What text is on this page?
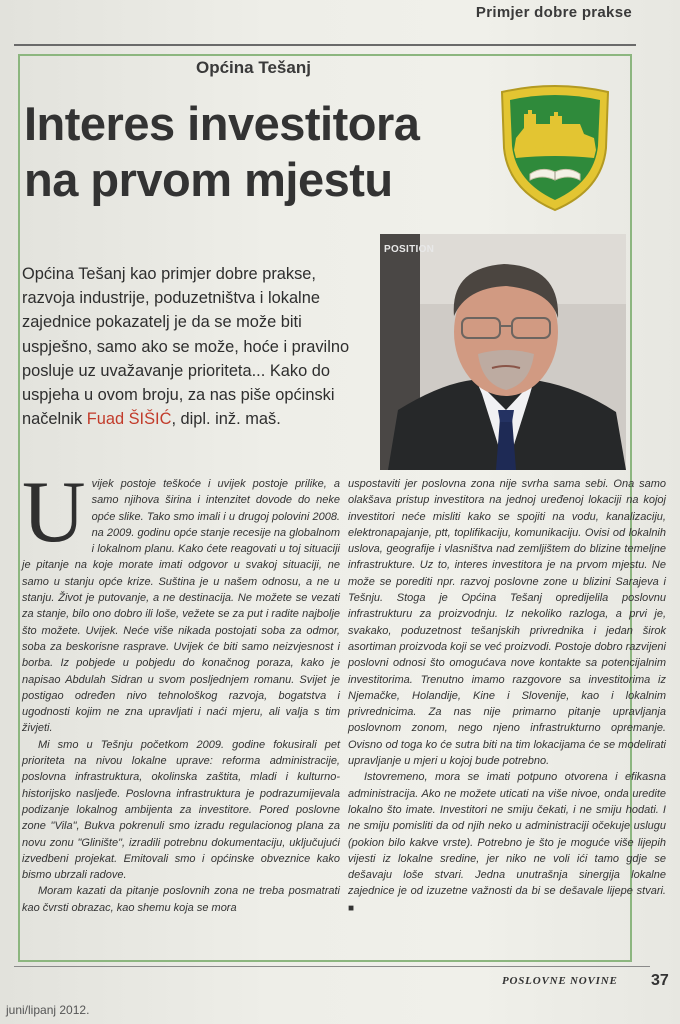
Primjer dobre prakse
Općina Tešanj
Interes investitora
na prvom mjestu
POSITION

Općina Tešanj kao primjer dobre prakse, razvoja industrije, poduzetništva i lokalne zajednice pokazatelj je da se može biti uspješno, samo ako se može, hoće i pravilno posluje uz uvažavanje prioriteta... Kako do uspjeha u ovom broju, za nas piše općinski načelnik Fuad ŠIŠIĆ, dipl. inž. maš.

Uvijek postoje teškoće i uvijek postoje prilike, a samo njihova širina i intenzitet dovode do neke opće slike. Tako smo imali i u drugoj polovini 2008. na 2009. godinu opće stanje recesije na globalnom i lokalnom planu. Kako ćete reagovati u toj situaciji je pitanje na koje morate imati odgovor u svakoj situaciji, ne samo u stanju opće krize. Suština je u našem odnosu, a ne u stanju. Život je putovanje, a ne destinacija. Ne možete se vezati za stanje, bilo ono dobro ili loše, vežete se za put i radite najbolje što možete. Uvijek. Neće više nikada postojati soba za odmor, soba za beskorisne rasprave. Uvijek će biti samo neizvjesnost i borba. Iz pobjede u pobjedu do konačnog poraza, kako je napisao Abdulah Sidran u svom posljednjem romanu. Svijet je postigao određen nivo tehnološkog razvoja, bogatstva i ugodnosti kojim ne zna upravljati i naći mjeru, ali valja s tim živjeti.

Mi smo u Tešnju početkom 2009. godine fokusirali pet prioriteta na nivou lokalne uprave: reforma administracije, poslovna infrastruktura, okolinska zaštita, mladi i kulturno-historijsko nasljeđe. Poslovna infrastruktura je podrazumijevala podizanje lokalnog ambijenta za investitore. Pored poslovne zone "Vila", Bukva pokrenuli smo izradu regulacionog plana za novu zonu "Glinište", izradili potrebnu dokumentaciju, uključujući izvedbeni projekat. Emitovali smo i općinske obveznice kako bismo ubrzali radove.

Moram kazati da pitanje poslovnih zona ne treba posmatrati kao čvrsti obrazac, kao shemu koja se mora

uspostaviti jer poslovna zona nije svrha sama sebi. Ona samo olakšava pristup investitora na jednoj uređenoj lokaciji na kojoj investitori neće misliti kako se spojiti na vodu, kanalizaciju, elektronapajanje, ptt, toplifikaciju, komunikaciju. Ovisi od lokalnih uslova, geografije i vlasništva nad zemljištem do blizine temeljne infrastrukture. Uz to, interes investitora je na prvom mjestu. Ne može se porediti npr. razvoj poslovne zone u blizini Sarajeva i Tešnju. Stoga je Općina Tešanj opredijelila poslovnu infrastrukturu za proizvodnju. Iz nekoliko razloga, a prvi je, svakako, poduzetnost tešanjskih privrednika i jedan širok asortiman proizvoda koji se već proizvodi. Postoje dobro razvijeni poslovni odnosi što omogućava nove kontakte sa potencijalnim investitorima. Trenutno imamo razgovore sa investitorima iz Njemačke, Holandije, Kine i Slovenije, kao i lokalnim privrednicima. Za nas nije primarno pitanje upravljanja poslovnom zonom, nego njeno infrastrukturno opremanje. Ovisno od toga ko će sutra biti na tim lokacijama će se modelirati upravljanje u mjeri u kojoj bude potrebno.

Istovremeno, mora se imati potpuno otvorena i efikasna administracija. Ako ne možete uticati na više nivoe, onda uredite lokalno što imate. Investitori ne smiju čekati, i ne smiju hodati. I ne smiju pomisliti da od njih neko u administraciji očekuje uslugu (pokion bilo kakve vrste). Potrebno je što je moguće više lijepih vijesti iz lokalne sredine, jer niko ne voli ići tamo gdje se dešavaju loše stvari. Jedna unutrašnja sinergija lokalne zajednice je od izuzetne važnosti da bi se dešavale lijepe stvari. ■

POSLOVNE NOVINE 37
juni/lipanj 2012.
